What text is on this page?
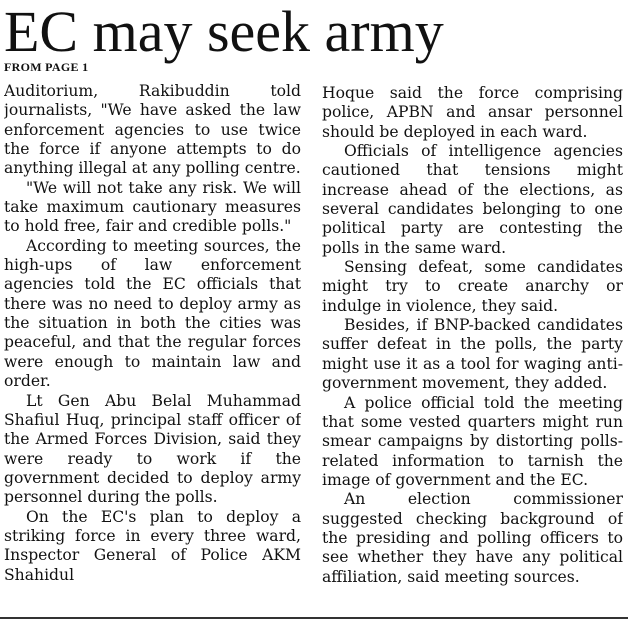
EC may seek army
FROM PAGE 1

Auditorium, Rakibuddin told journalists, "We have asked the law enforcement agencies to use twice the force if anyone attempts to do anything illegal at any polling centre.

"We will not take any risk. We will take maximum cautionary measures to hold free, fair and credible polls."

According to meeting sources, the high-ups of law enforcement agencies told the EC officials that there was no need to deploy army as the situation in both the cities was peaceful, and that the regular forces were enough to maintain law and order.

Lt Gen Abu Belal Muhammad Shafiul Huq, principal staff officer of the Armed Forces Division, said they were ready to work if the government decided to deploy army personnel during the polls.

On the EC's plan to deploy a striking force in every three ward, Inspector General of Police AKM Shahidul

Hoque said the force comprising police, APBN and ansar personnel should be deployed in each ward.

Officials of intelligence agencies cautioned that tensions might increase ahead of the elections, as several candidates belonging to one political party are contesting the polls in the same ward.

Sensing defeat, some candidates might try to create anarchy or indulge in violence, they said.

Besides, if BNP-backed candidates suffer defeat in the polls, the party might use it as a tool for waging anti-government movement, they added.

A police official told the meeting that some vested quarters might run smear campaigns by distorting polls-related information to tarnish the image of government and the EC.

An election commissioner suggested checking background of the presiding and polling officers to see whether they have any political affiliation, said meeting sources.
